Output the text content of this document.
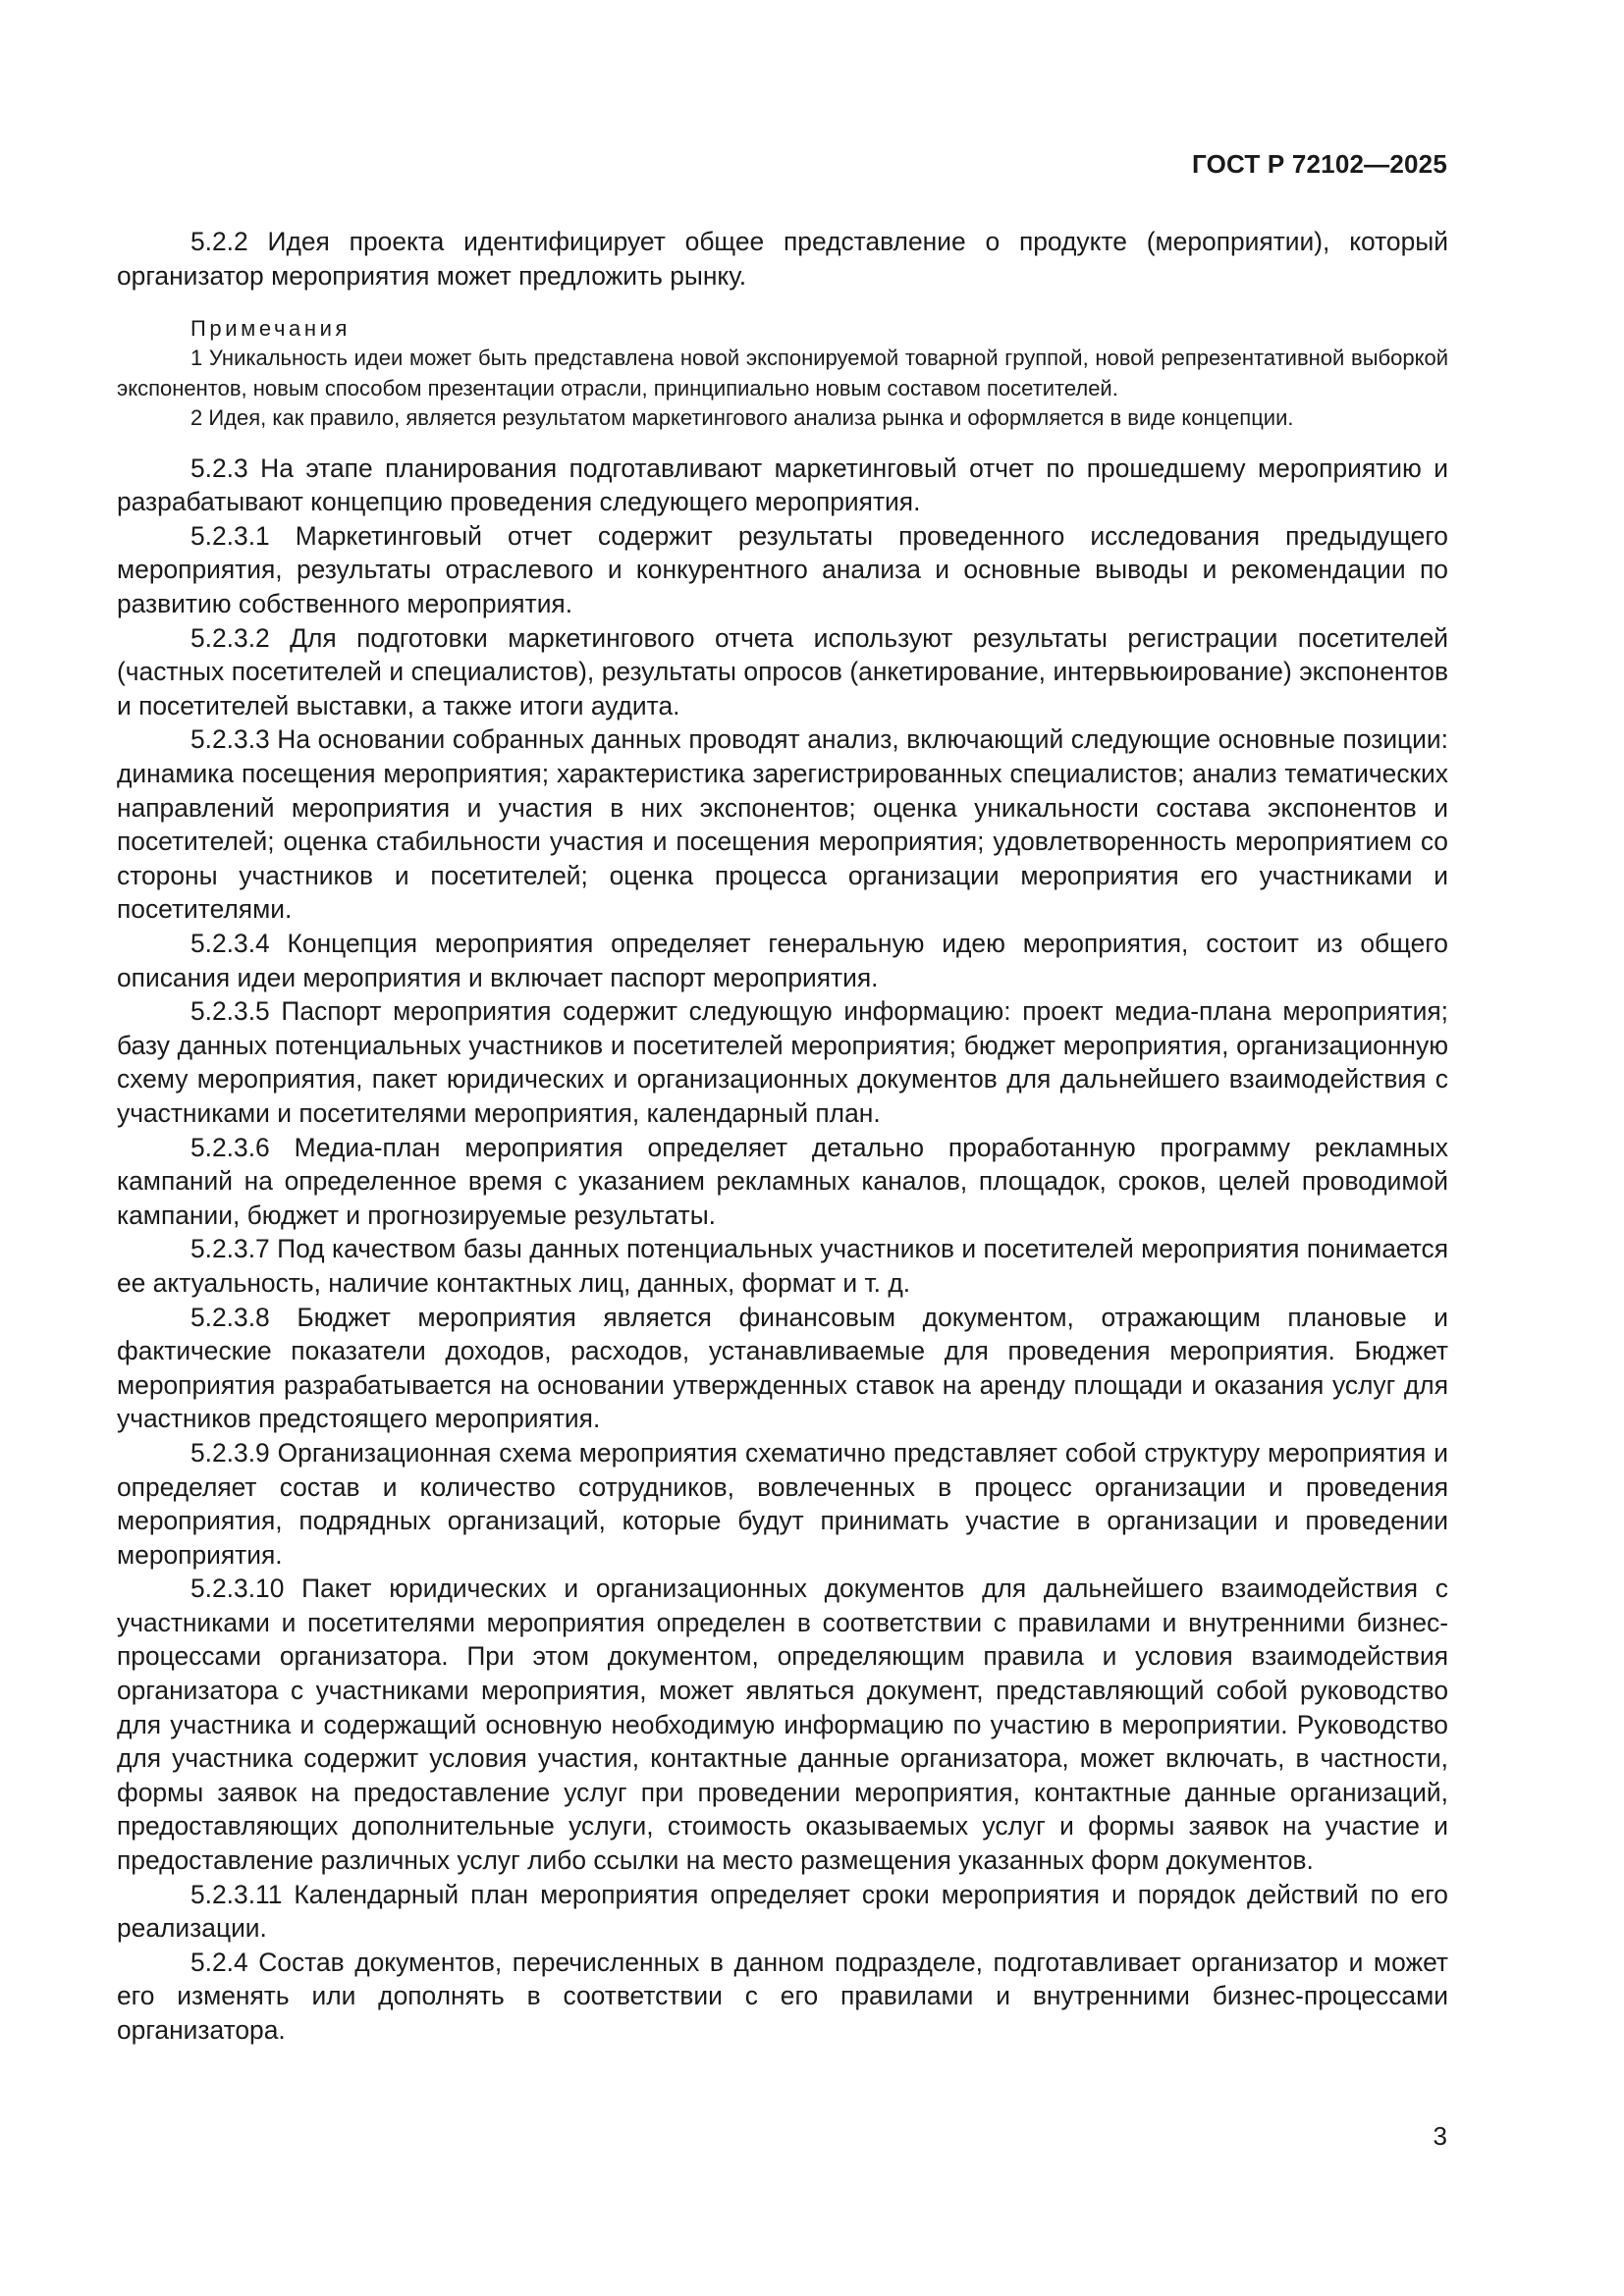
ГОСТ Р 72102—2025

5.2.2 Идея проекта идентифицирует общее представление о продукте (мероприятии), который организатор мероприятия может предложить рынку.

Примечания

1 Уникальность идеи может быть представлена новой экспонируемой товарной группой, новой репрезентативной выборкой экспонентов, новым способом презентации отрасли, принципиально новым составом посетителей.

2 Идея, как правило, является результатом маркетингового анализа рынка и оформляется в виде концепции.

5.2.3 На этапе планирования подготавливают маркетинговый отчет по прошедшему мероприятию и разрабатывают концепцию проведения следующего мероприятия.

5.2.3.1 Маркетинговый отчет содержит результаты проведенного исследования предыдущего мероприятия, результаты отраслевого и конкурентного анализа и основные выводы и рекомендации по развитию собственного мероприятия.

5.2.3.2 Для подготовки маркетингового отчета используют результаты регистрации посетителей (частных посетителей и специалистов), результаты опросов (анкетирование, интервьюирование) экспонентов и посетителей выставки, а также итоги аудита.

5.2.3.3 На основании собранных данных проводят анализ, включающий следующие основные позиции: динамика посещения мероприятия; характеристика зарегистрированных специалистов; анализ тематических направлений мероприятия и участия в них экспонентов; оценка уникальности состава экспонентов и посетителей; оценка стабильности участия и посещения мероприятия; удовлетворенность мероприятием со стороны участников и посетителей; оценка процесса организации мероприятия его участниками и посетителями.

5.2.3.4 Концепция мероприятия определяет генеральную идею мероприятия, состоит из общего описания идеи мероприятия и включает паспорт мероприятия.

5.2.3.5 Паспорт мероприятия содержит следующую информацию: проект медиа-плана мероприятия; базу данных потенциальных участников и посетителей мероприятия; бюджет мероприятия, организационную схему мероприятия, пакет юридических и организационных документов для дальнейшего взаимодействия с участниками и посетителями мероприятия, календарный план.

5.2.3.6 Медиа-план мероприятия определяет детально проработанную программу рекламных кампаний на определенное время с указанием рекламных каналов, площадок, сроков, целей проводимой кампании, бюджет и прогнозируемые результаты.

5.2.3.7 Под качеством базы данных потенциальных участников и посетителей мероприятия понимается ее актуальность, наличие контактных лиц, данных, формат и т. д.

5.2.3.8 Бюджет мероприятия является финансовым документом, отражающим плановые и фактические показатели доходов, расходов, устанавливаемые для проведения мероприятия. Бюджет мероприятия разрабатывается на основании утвержденных ставок на аренду площади и оказания услуг для участников предстоящего мероприятия.

5.2.3.9 Организационная схема мероприятия схематично представляет собой структуру мероприятия и определяет состав и количество сотрудников, вовлеченных в процесс организации и проведения мероприятия, подрядных организаций, которые будут принимать участие в организации и проведении мероприятия.

5.2.3.10 Пакет юридических и организационных документов для дальнейшего взаимодействия с участниками и посетителями мероприятия определен в соответствии с правилами и внутренними бизнес-процессами организатора. При этом документом, определяющим правила и условия взаимодействия организатора с участниками мероприятия, может являться документ, представляющий собой руководство для участника и содержащий основную необходимую информацию по участию в мероприятии. Руководство для участника содержит условия участия, контактные данные организатора, может включать, в частности, формы заявок на предоставление услуг при проведении мероприятия, контактные данные организаций, предоставляющих дополнительные услуги, стоимость оказываемых услуг и формы заявок на участие и предоставление различных услуг либо ссылки на место размещения указанных форм документов.

5.2.3.11 Календарный план мероприятия определяет сроки мероприятия и порядок действий по его реализации.

5.2.4 Состав документов, перечисленных в данном подразделе, подготавливает организатор и может его изменять или дополнять в соответствии с его правилами и внутренними бизнес-процессами организатора.

3
